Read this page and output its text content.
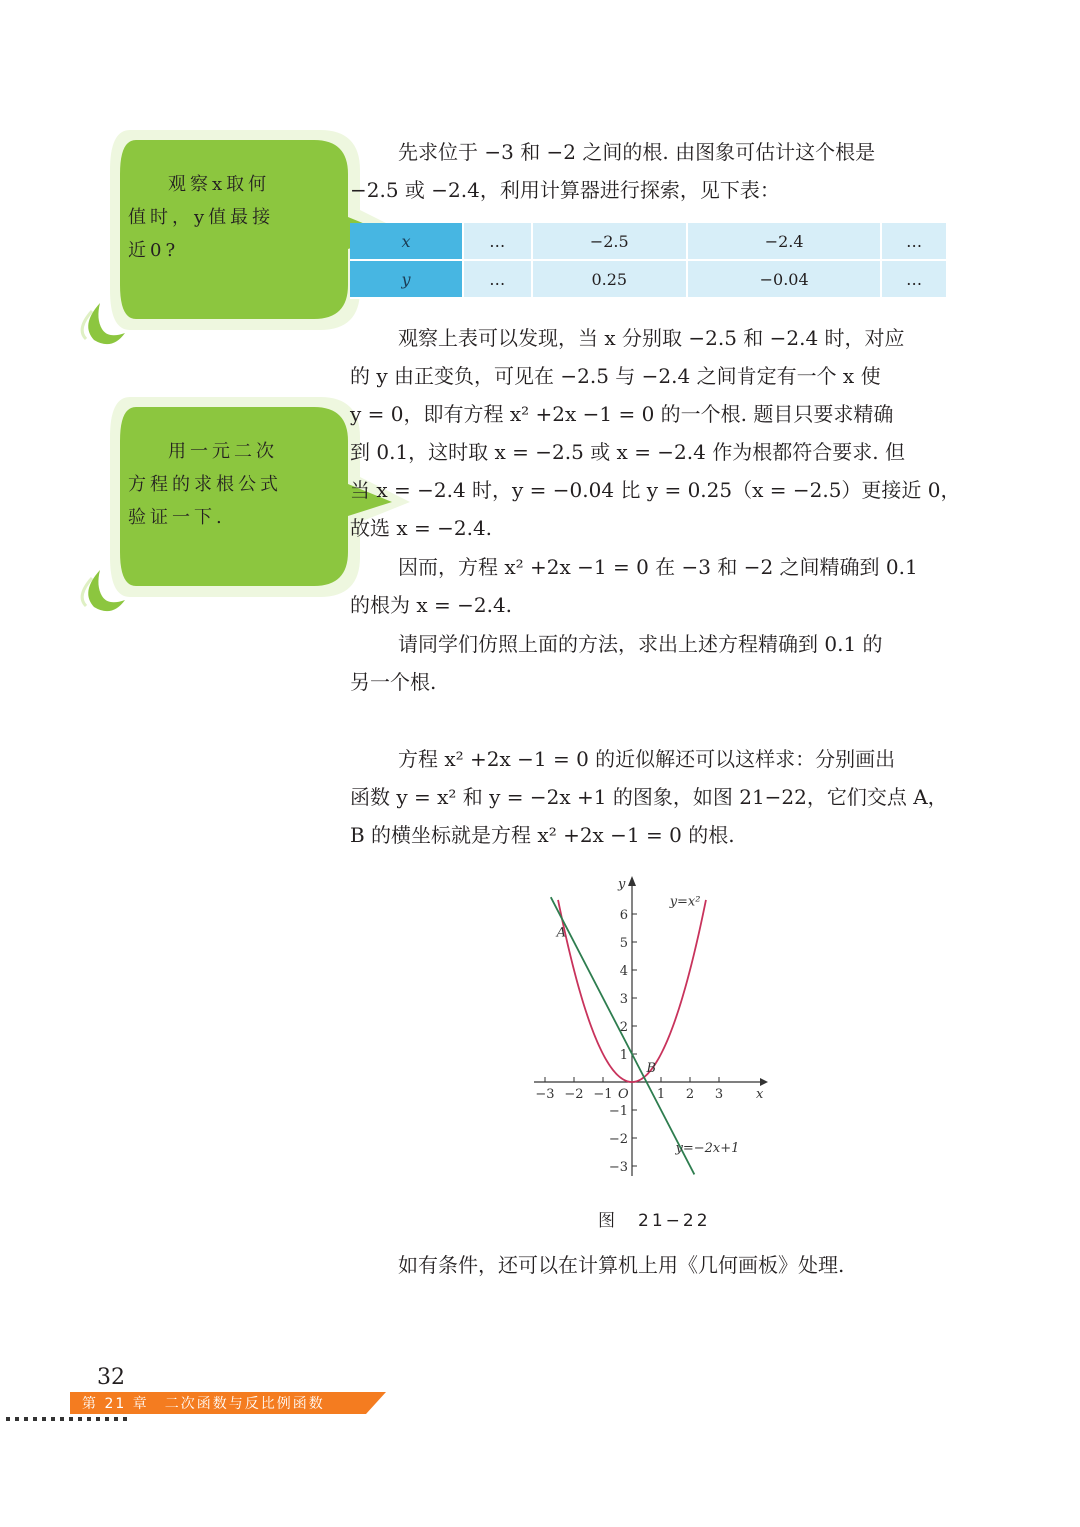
观察x取何
值时，y值最接
近0?
用一元二次
方程的求根公式
验证一下.
先求位于 −3 和 −2 之间的根. 由图象可估计这个根是
−2.5 或 −2.4，利用计算器进行探索，见下表：
x	…	−2.5	−2.4	…
y	…	0.25	−0.04	…
观察上表可以发现，当 x 分别取 −2.5 和 −2.4 时，对应
的 y 由正变负，可见在 −2.5 与 −2.4 之间肯定有一个 x 使
y = 0，即有方程 x² +2x −1 = 0 的一个根. 题目只要求精确
到 0.1，这时取 x = −2.5 或 x = −2.4 作为根都符合要求. 但
当 x = −2.4 时，y = −0.04 比 y = 0.25（x = −2.5）更接近 0，
故选 x = −2.4.
因而，方程 x² +2x −1 = 0 在 −3 和 −2 之间精确到 0.1
的根为 x = −2.4.
请同学们仿照上面的方法，求出上述方程精确到 0.1 的
另一个根.
方程 x² +2x −1 = 0 的近似解还可以这样求：分别画出
函数 y = x² 和 y = −2x +1 的图象，如图 21−22，它们交点 A，
B 的横坐标就是方程 x² +2x −1 = 0 的根.
−3 −2 −1	1 2 3
6
5
4
3
2
1
−1
−2
−3
y=x²
y=−2x+1
A
B
O	x
y
图　21−22
如有条件，还可以在计算机上用《几何画板》处理.
32
第 21 章　二次函数与反比例函数
